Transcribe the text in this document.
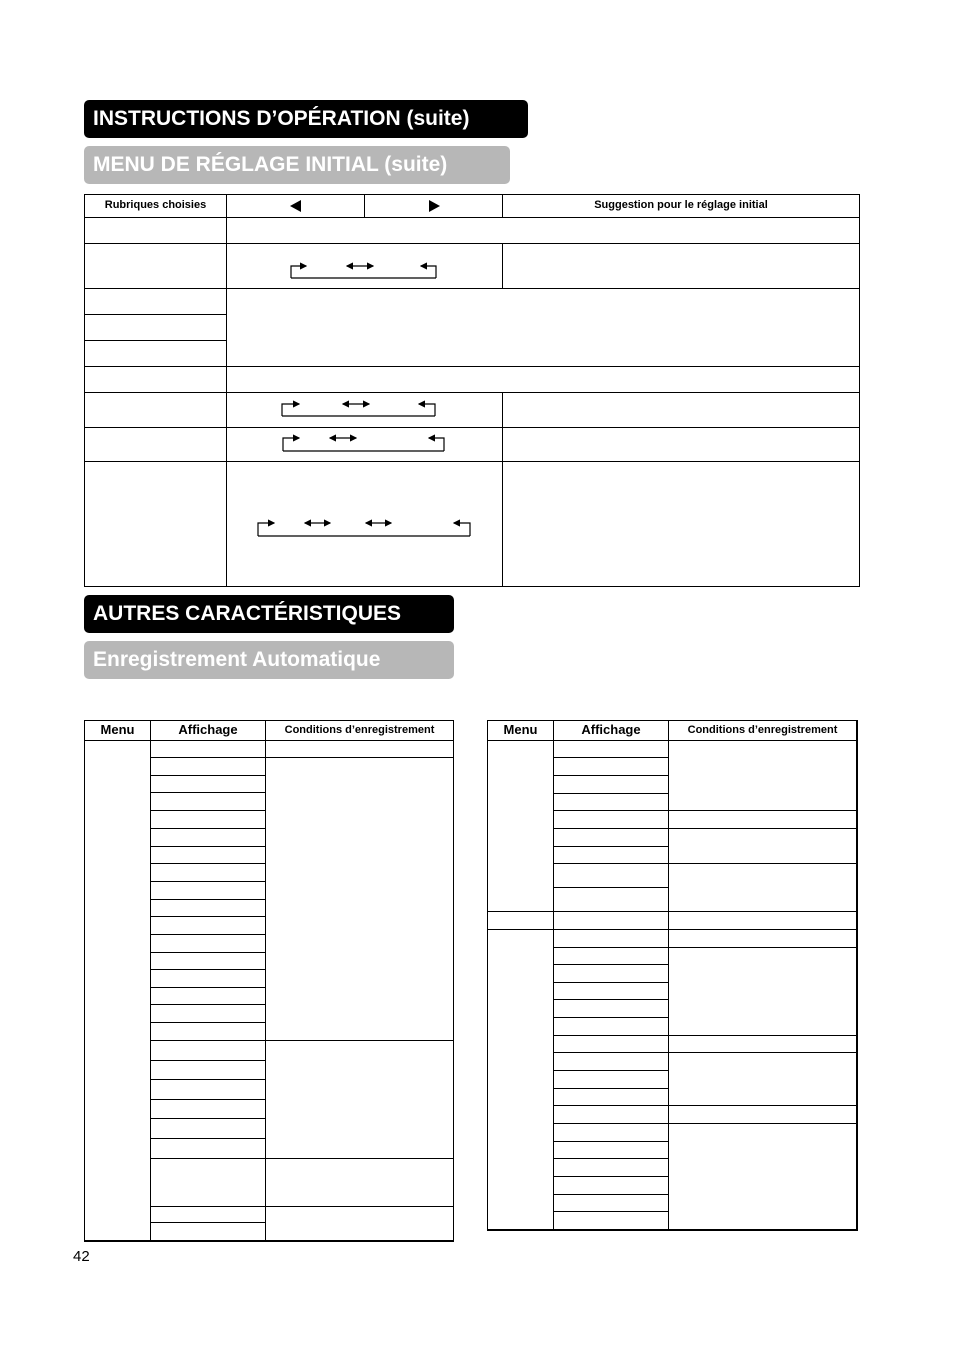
INSTRUCTIONS D’OPÉRATION (suite)
MENU DE RÉGLAGE INITIAL (suite)
Rubriques choisies	Suggestion pour le réglage initial
AUTRES CARACTÉRISTIQUES
Enregistrement Automatique
Menu	Affichage	Conditions d’enregistrement	Menu	Affichage	Conditions d’enregistrement
42
